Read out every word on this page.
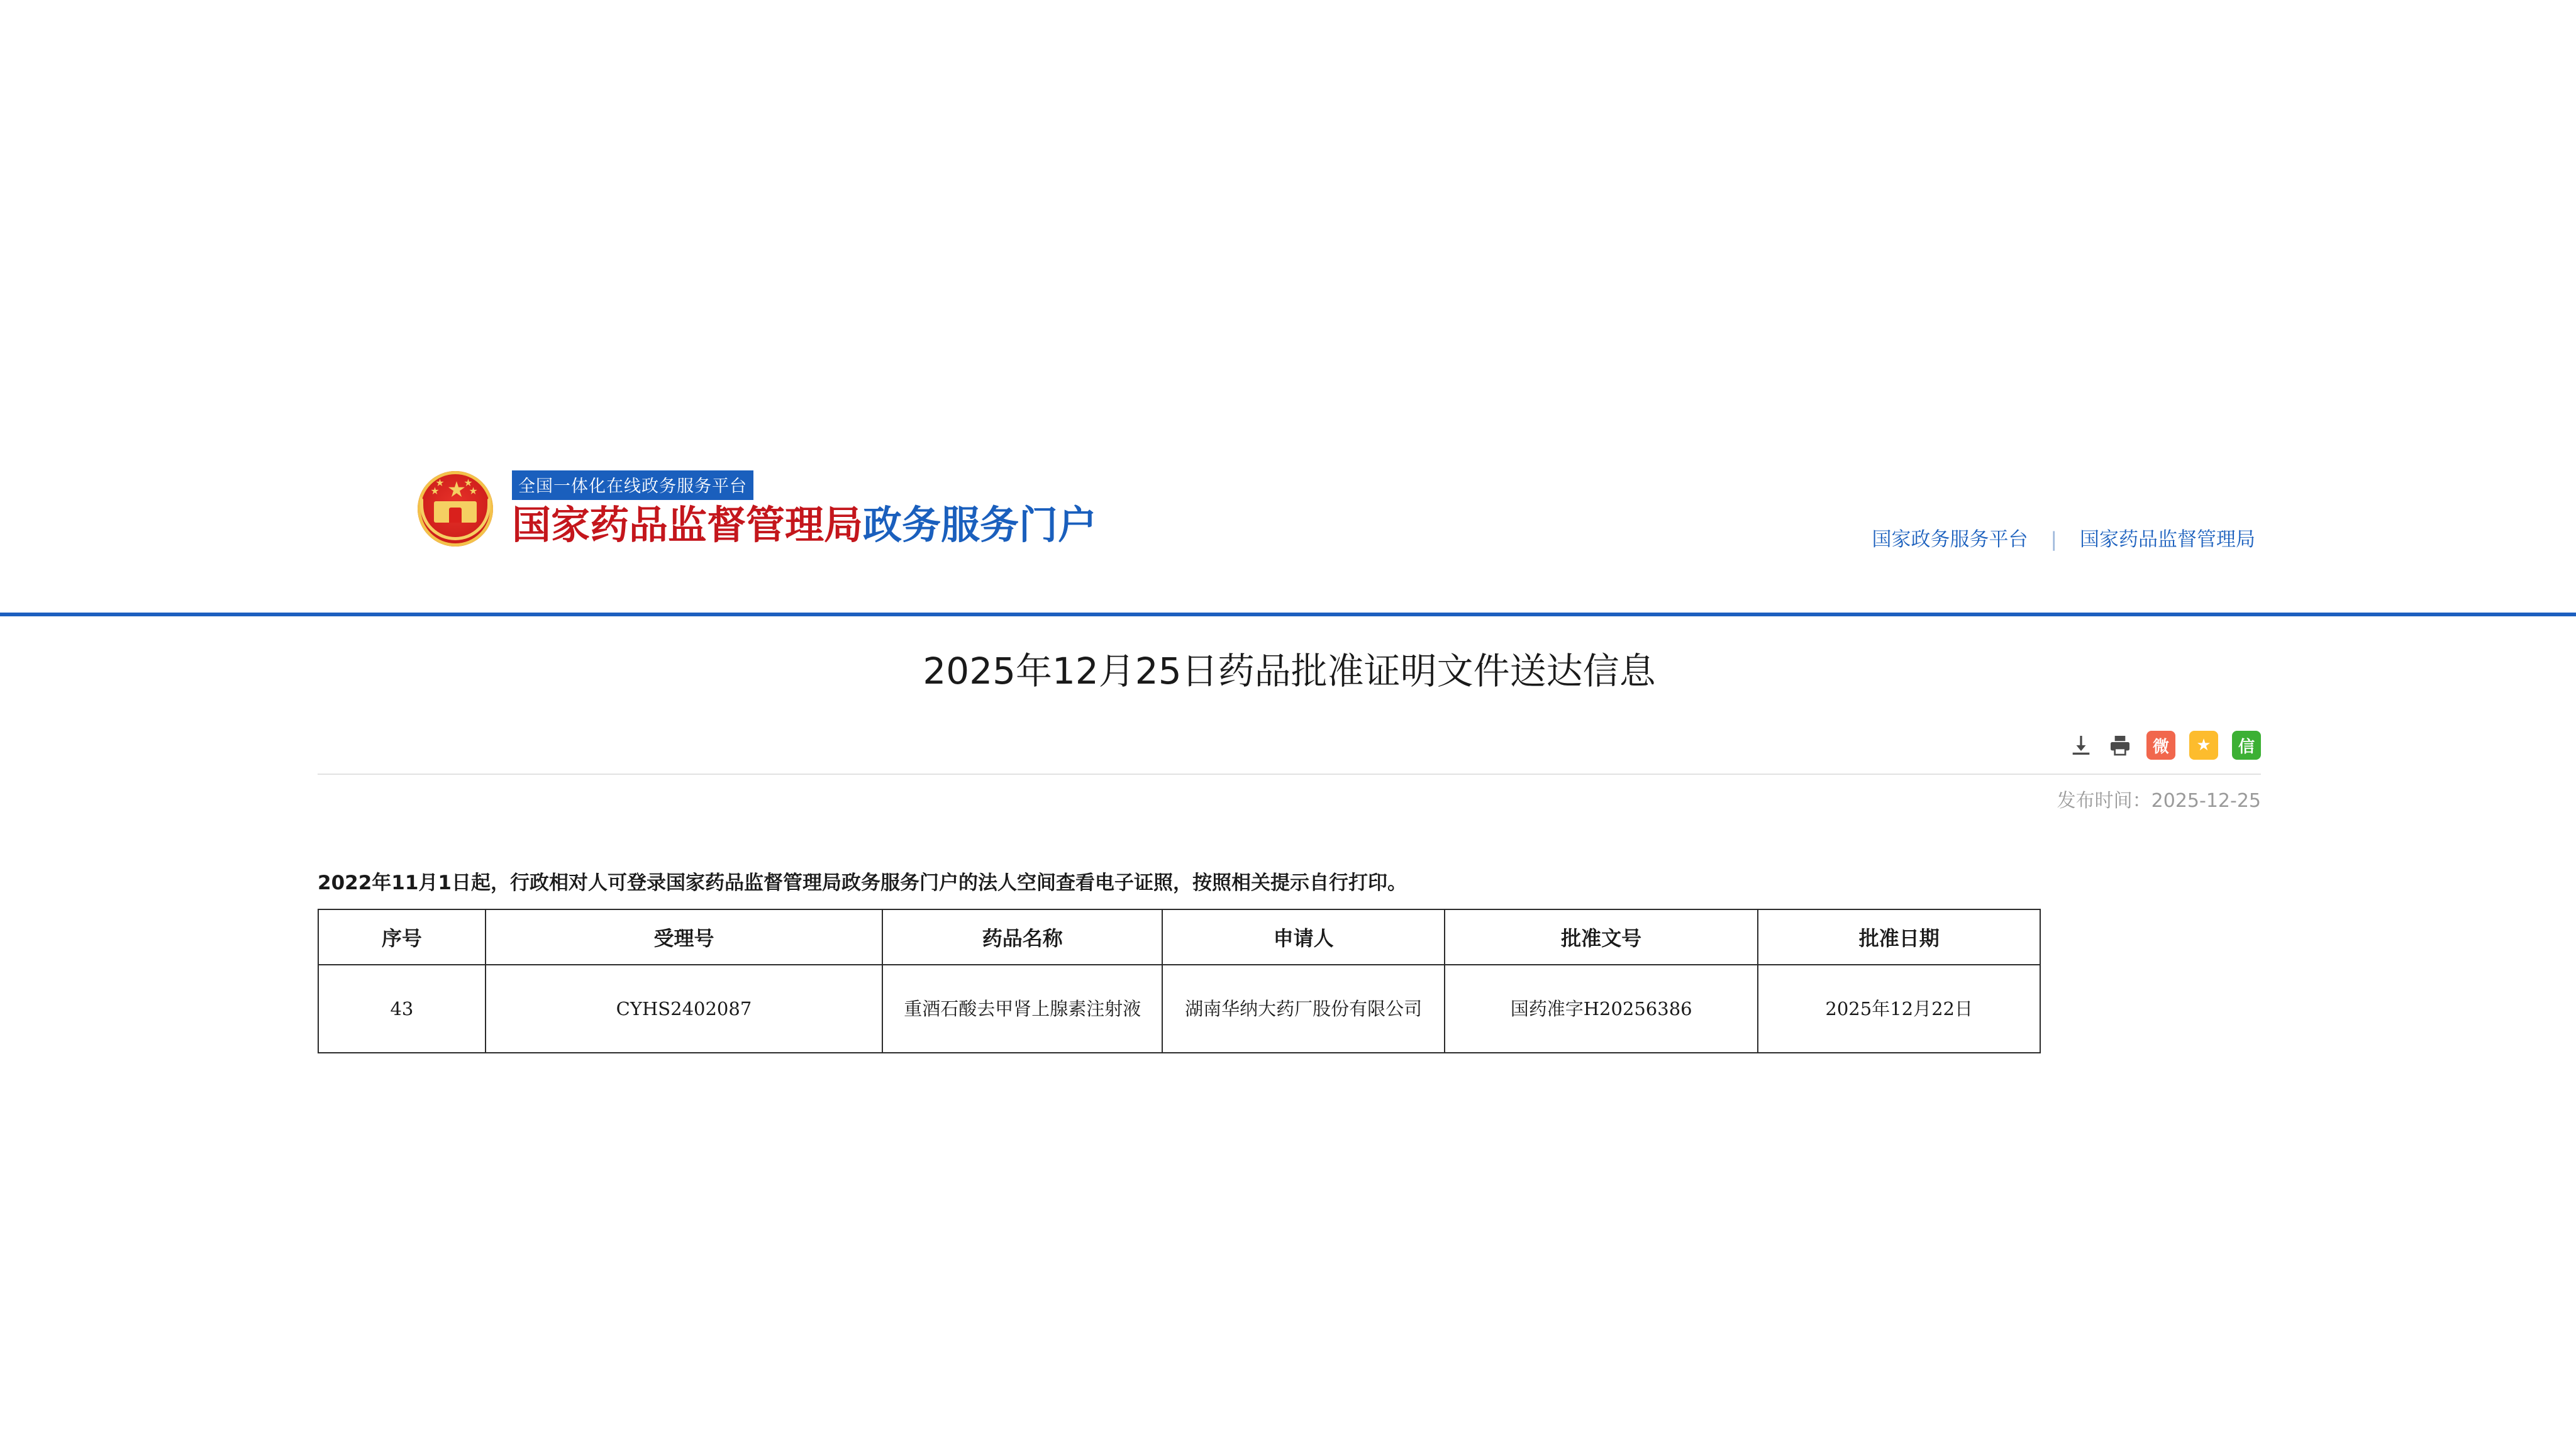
★
★
★
★
★	全国一体化在线政务服务平台
国家药品监督管理局政务服务门户	国家政务服务平台 | 国家药品监督管理局
2025年12月25日药品批准证明文件送达信息
微	★	信
发布时间：2025-12-25
2022年11月1日起，行政相对人可登录国家药品监督管理局政务服务门户的法人空间查看电子证照，按照相关提示自行打印。
序号	受理号	药品名称	申请人	批准文号	批准日期
43	CYHS2402087	重酒石酸去甲肾上腺素注射液	湖南华纳大药厂股份有限公司	国药准字H20256386	2025年12月22日
